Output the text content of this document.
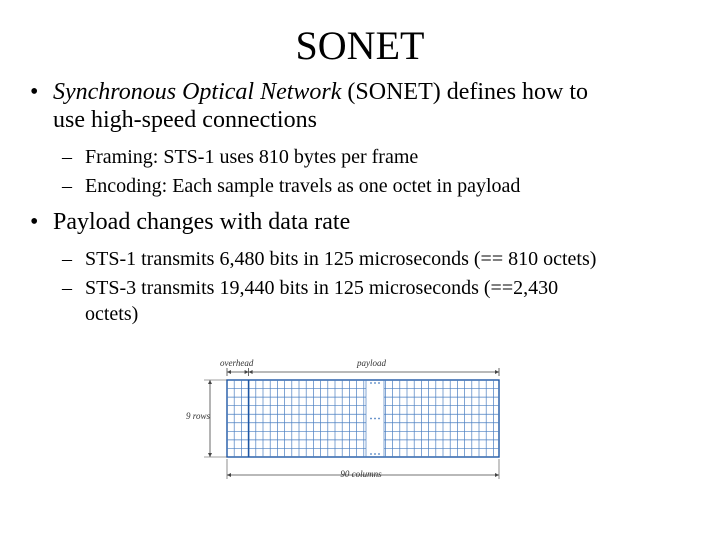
SONET
• Synchronous Optical Network (SONET) defines how to
use high-speed connections
– Framing: STS-1 uses 810 bytes per frame
– Encoding: Each sample travels as one octet in payload
• Payload changes with data rate
– STS-1 transmits 6,480 bits in 125 microseconds (== 810 octets)
– STS-3 transmits 19,440 bits in 125 microseconds (==2,430
octets)
overhead	payload
9 rows
90 columns
